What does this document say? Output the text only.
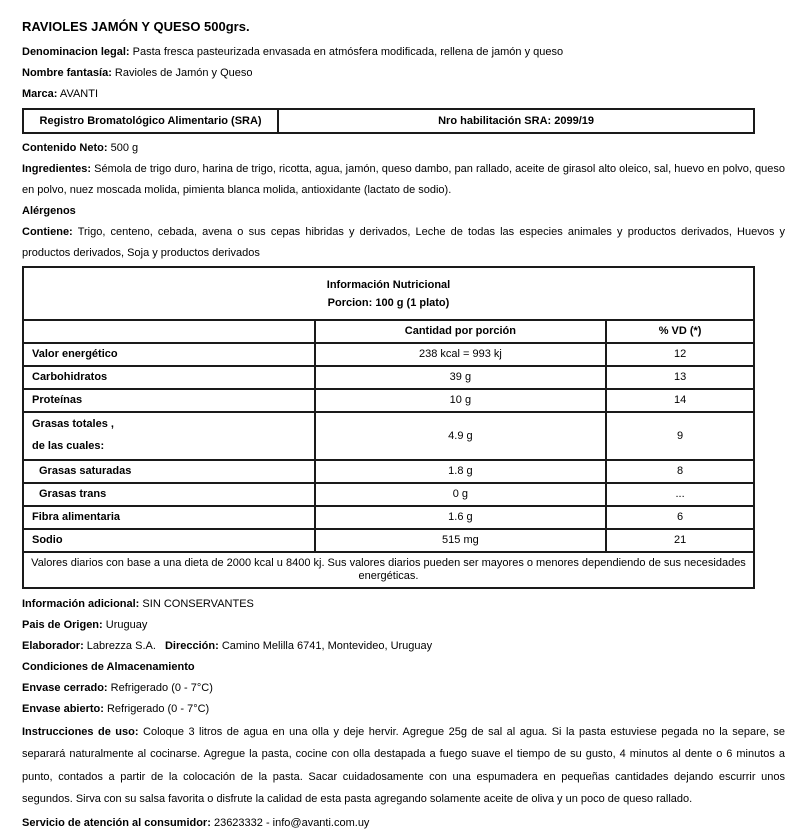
RAVIOLES JAMÓN Y QUESO 500grs.
Denominacion legal: Pasta fresca pasteurizada envasada en atmósfera modificada, rellena de jamón y queso
Nombre fantasía: Ravioles de Jamón y Queso
Marca: AVANTI
Registro Bromatológico Alimentario (SRA)	Nro habilitación SRA: 2099/19
Contenido Neto: 500 g
Ingredientes: Sémola de trigo duro, harina de trigo, ricotta, agua, jamón, queso dambo, pan rallado, aceite de girasol alto oleico, sal, huevo en polvo, queso en polvo, nuez moscada molida, pimienta blanca molida, antioxidante (lactato de sodio).
Alérgenos
Contiene: Trigo, centeno, cebada, avena o sus cepas hibridas y derivados, Leche de todas las especies animales y productos derivados, Huevos y productos derivados, Soja y productos derivados
Información Nutricional
Porcion: 100 g (1 plato)
Cantidad por porción	% VD (*)
Valor energético	238 kcal = 993 kj	12
Carbohidratos	39 g	13
Proteínas	10 g	14
Grasas totales ,
de las cuales:
4.9 g	9
Grasas saturadas	1.8 g	8
Grasas trans	0 g	...
Fibra alimentaria	1.6 g	6
Sodio	515 mg	21
Valores diarios con base a una dieta de 2000 kcal u 8400 kj. Sus valores diarios pueden ser mayores o menores dependiendo de sus necesidades energéticas.
Información adicional: SIN CONSERVANTES
Pais de Origen: Uruguay
Elaborador: Labrezza S.A. Dirección: Camino Melilla 6741, Montevideo, Uruguay
Condiciones de Almacenamiento
Envase cerrado: Refrigerado (0 - 7°C)
Envase abierto: Refrigerado (0 - 7°C)
Instrucciones de uso: Coloque 3 litros de agua en una olla y deje hervir. Agregue 25g de sal al agua. Si la pasta estuviese pegada no la separe, se separará naturalmente al cocinarse. Agregue la pasta, cocine con olla destapada a fuego suave el tiempo de su gusto, 4 minutos al dente o 6 minutos a punto, contados a partir de la colocación de la pasta. Sacar cuidadosamente con una espumadera en pequeñas cantidades dejando escurrir unos segundos. Sirva con su salsa favorita o disfrute la calidad de esta pasta agregando solamente aceite de oliva y un poco de queso rallado.
Servicio de atención al consumidor: 23623332 - info@avanti.com.uy
